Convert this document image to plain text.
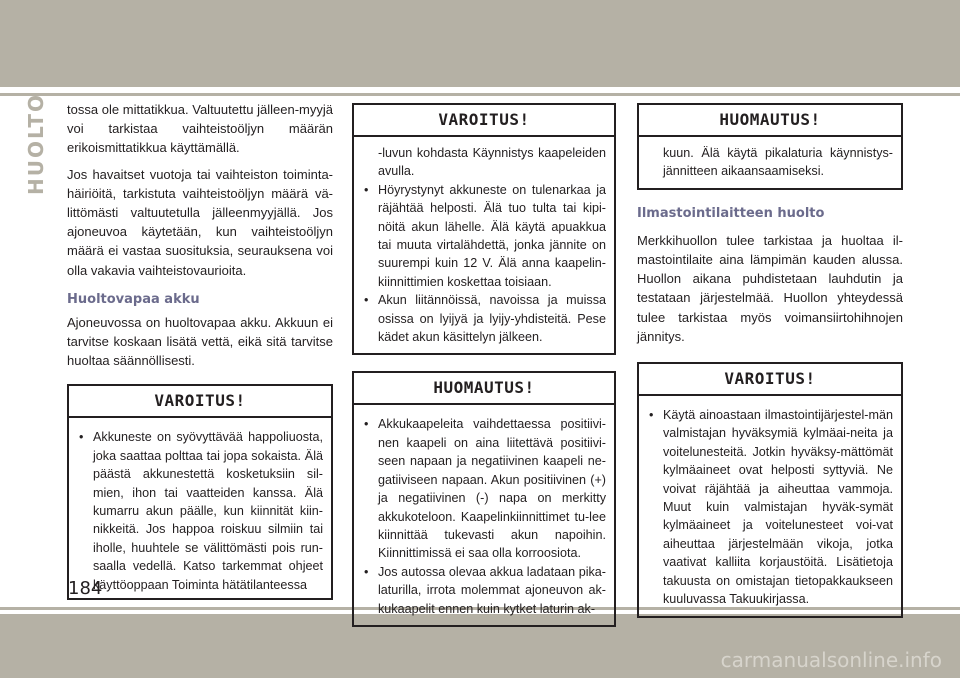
HUOLTO tossa ole mittatikkua. Valtuutettu jälleen-myyjä voi tarkistaa vaihteistoöljyn määrän erikoismittatikkua käyttämällä.

Jos havaitset vuotoja tai vaihteiston toiminta-häiriöitä, tarkistuta vaihteistoöljyn määrä vä-littömästi valtuutetulla jälleenmyyjällä. Jos ajoneuvoa käytetään, kun vaihteistoöljyn määrä ei vastaa suosituksia, seurauksena voi olla vakavia vaihteistovaurioita.

Huoltovapaa akku

Ajoneuvossa on huoltovapaa akku. Akkuun ei tarvitse koskaan lisätä vettä, eikä sitä tarvitse huoltaa säännöllisesti.

VAROITUS!
• Akkuneste on syövyttävää happoliuosta, joka saattaa polttaa tai jopa sokaista. Älä päästä akkunestettä kosketuksiin sil-mien, ihon tai vaatteiden kanssa. Älä kumarru akun päälle, kun kiinnität kiin-nikkeitä. Jos happoa roiskuu silmiin tai iholle, huuhtele se välittömästi pois run-saalla vedellä. Katso tarkemmat ohjeet käyttöoppaan Toiminta hätätilanteessa
VAROITUS!

-luvun kohdasta Käynnistys kaapeleiden avulla.

• Höyrystynyt akkuneste on tulenarkaa ja räjähtää helposti. Älä tuo tulta tai kipi-nöitä akun lähelle. Älä käytä apuakkua tai muuta virtalähdettä, jonka jännite on suurempi kuin 12 V. Älä anna kaapelin-kiinnittimien koskettaa toisiaan.
• Akun liitännöissä, navoissa ja muissa osissa on lyijyä ja lyijy-yhdisteitä. Pese kädet akun käsittelyn jälkeen.
HUOMAUTUS!
• Akkukaapeleita vaihdettaessa positiivi-nen kaapeli on aina liitettävä positiivi-seen napaan ja negatiivinen kaapeli ne-gatiiviseen napaan. Akun positiivinen (+) ja negatiivinen (-) napa on merkitty akkukoteloon. Kaapelinkiinnittimet tu-lee kiinnittää tukevasti akun napoihin. Kiinnittimissä ei saa olla korroosiota.
• Jos autossa olevaa akkua ladataan pika-laturilla, irrota molemmat ajoneuvon ak-kukaapelit ennen kuin kytket laturin ak-
HUOMAUTUS!

kuun. Älä käytä pikalaturia käynnistys-jännitteen aikaansaamiseksi.

Ilmastointilaitteen huolto

Merkkihuollon tulee tarkistaa ja huoltaa il-mastointilaite aina lämpimän kauden alussa. Huollon aikana puhdistetaan lauhdutin ja testataan järjestelmää. Huollon yhteydessä tulee tarkistaa myös voimansiirtohihnojen jännitys.

VAROITUS!
• Käytä ainoastaan ilmastointijärjestel-män valmistajan hyväksymiä kylmäai-neita ja voitelunesteitä. Jotkin hyväksy-mättömät kylmäaineet ovat helposti syttyviä. Ne voivat räjähtää ja aiheuttaa vammoja. Muut kuin valmistajan hyväk-symät kylmäaineet ja voitelunesteet voi-vat aiheuttaa järjestelmään vikoja, jotka vaativat kalliita korjaustöitä. Lisätietoja takuusta on omistajan tietopakkaukseen kuuluvassa Takuukirjassa.
184
carmanualsonline.info
